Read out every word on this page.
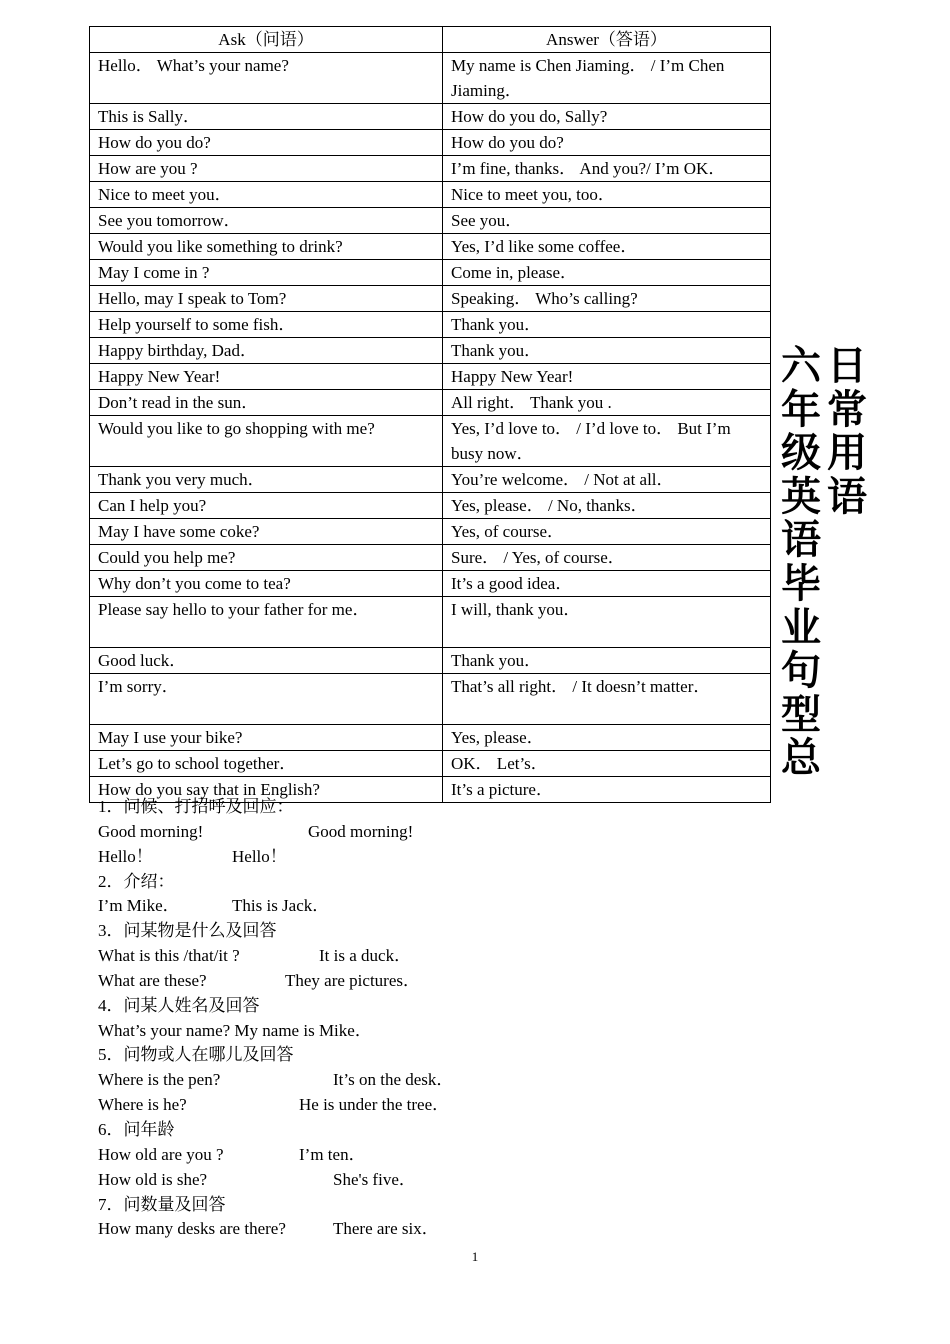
Ask（问语）	Answer（答语）
Hello． What’s your name?	My name is Chen Jiaming． / I’m Chen Jiaming．
This is Sally．	How do you do, Sally?
How do you do?	How do you do?
How are you ?	I’m fine, thanks． And you?/ I’m OK．
Nice to meet you．	Nice to meet you, too．
See you tomorrow．	See you．
Would you like something to drink?	Yes, I’d like some coffee．
May I come in ?	Come in, please．
Hello, may I speak to Tom?	Speaking． Who’s calling?
Help yourself to some fish．	Thank you．
Happy birthday, Dad．	Thank you．
Happy New Year!	Happy New Year!
Don’t read in the sun．	All right． Thank you .
Would you like to go shopping with me?	Yes, I’d love to． / I’d love to． But I’m busy now．
Thank you very much．	You’re welcome． / Not at all．
Can I help you?	Yes, please． / No, thanks．
May I have some coke?	Yes, of course．
Could you help me?	Sure． / Yes, of course．
Why don’t you come to tea?	It’s a good idea．
Please say hello to your father for me．	I will, thank you．
Good luck．	Thank you．
I’m sorry．	That’s all right． / It doesn’t matter．
May I use your bike?	Yes, please．
Let’s go to school together．	OK． Let’s．
How do you say that in English?	It’s a picture．
六
年
级
英
语
毕
业
句
型
总
日
常
用
语
1．问候、打招呼及回应：
Good morning!	Good morning!
Hello！	Hello！
2．介绍：
I’m Mike．	This is Jack．
3．问某物是什么及回答
What is this /that/it ?	It is a duck．
What are these?	They are pictures．
4．问某人姓名及回答
What’s your name? My name is Mike．
5．问物或人在哪儿及回答
Where is the pen?	It’s on the desk．
Where is he?	He is under the tree．
6．问年龄
How old are you ?	I’m ten．
How old is she?	She's five．
7．问数量及回答
How many desks are there?	There are six．
1
